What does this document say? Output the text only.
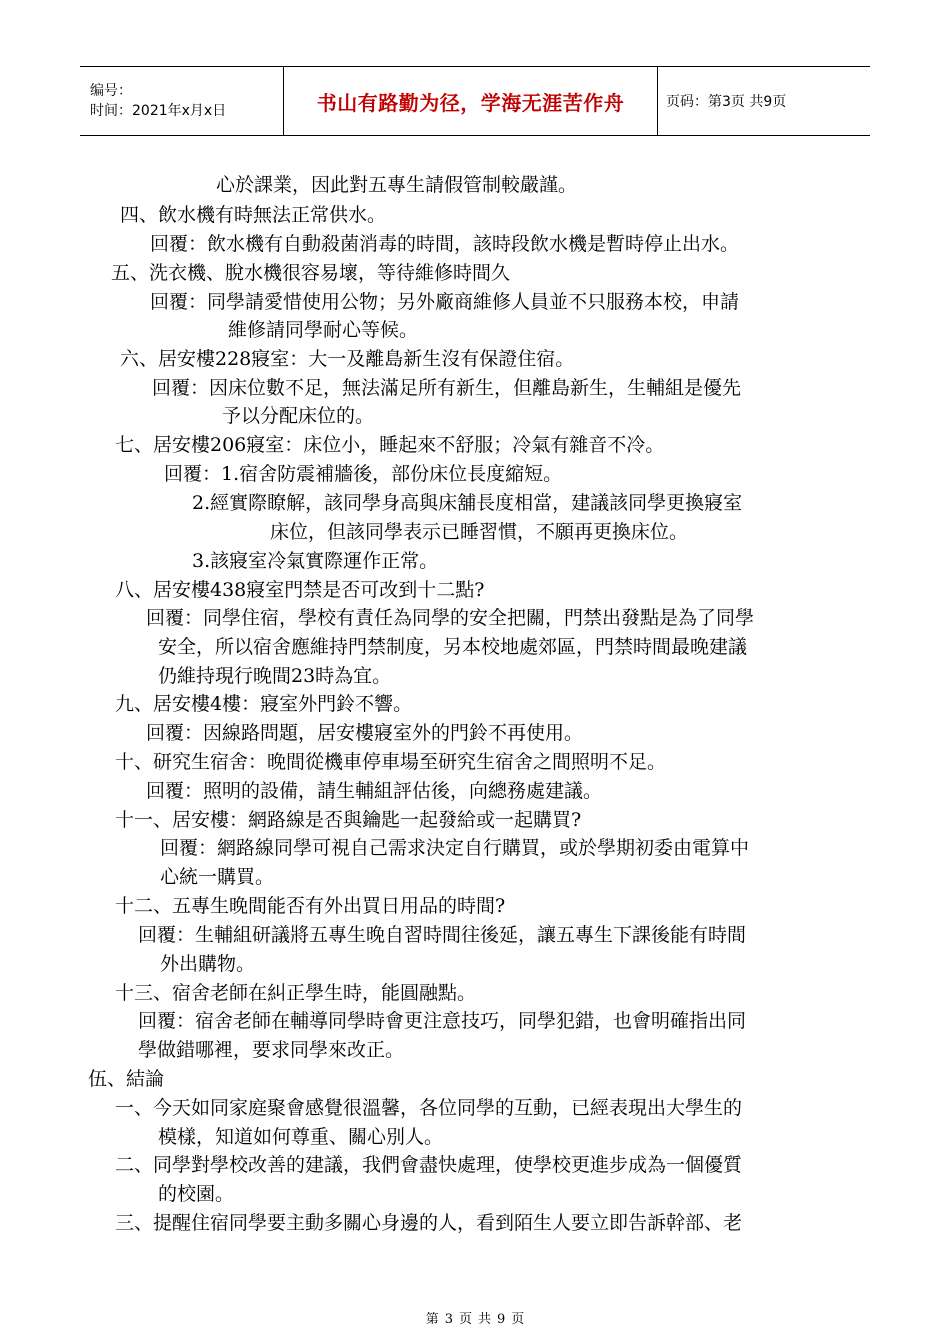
编号：
时间：2021年x月x日	书山有路勤为径，学海无涯苦作舟	页码：第3页 共9页
心於課業，因此對五專生請假管制較嚴謹。
四、飲水機有時無法正常供水。
回覆：飲水機有自動殺菌消毒的時間，該時段飲水機是暫時停止出水。
五、洗衣機、脫水機很容易壞，等待維修時間久
回覆：同學請愛惜使用公物；另外廠商維修人員並不只服務本校，申請
維修請同學耐心等候。
六、居安樓228寢室：大一及離島新生沒有保證住宿。
回覆：因床位數不足，無法滿足所有新生，但離島新生，生輔組是優先
予以分配床位的。
七、居安樓206寢室：床位小，睡起來不舒服；冷氣有雜音不冷。
回覆：1.宿舍防震補牆後，部份床位長度縮短。
2.經實際瞭解，該同學身高與床舖長度相當，建議該同學更換寢室
床位，但該同學表示已睡習慣，不願再更換床位。
3.該寢室冷氣實際運作正常。
八、居安樓438寢室門禁是否可改到十二點?
回覆：同學住宿，學校有責任為同學的安全把關，門禁出發點是為了同學
安全，所以宿舍應維持門禁制度，另本校地處郊區，門禁時間最晚建議
仍維持現行晚間23時為宜。
九、居安樓4樓：寢室外門鈴不響。
回覆：因線路問題，居安樓寢室外的門鈴不再使用。
十、研究生宿舍：晚間從機車停車場至研究生宿舍之間照明不足。
回覆：照明的設備，請生輔組評估後，向總務處建議。
十一、居安樓：網路線是否與鑰匙一起發給或一起購買?
回覆：網路線同學可視自己需求決定自行購買，或於學期初委由電算中
心統一購買。
十二、五專生晚間能否有外出買日用品的時間?
回覆：生輔組研議將五專生晚自習時間往後延，讓五專生下課後能有時間
外出購物。
十三、宿舍老師在糾正學生時，能圓融點。
回覆：宿舍老師在輔導同學時會更注意技巧，同學犯錯，也會明確指出同
學做錯哪裡，要求同學來改正。
伍、結論
一、今天如同家庭聚會感覺很溫馨，各位同學的互動，已經表現出大學生的
模樣，知道如何尊重、關心別人。
二、同學對學校改善的建議，我們會盡快處理，使學校更進步成為一個優質
的校園。
三、提醒住宿同學要主動多關心身邊的人，看到陌生人要立即告訴幹部、老
第 3 页 共 9 页
